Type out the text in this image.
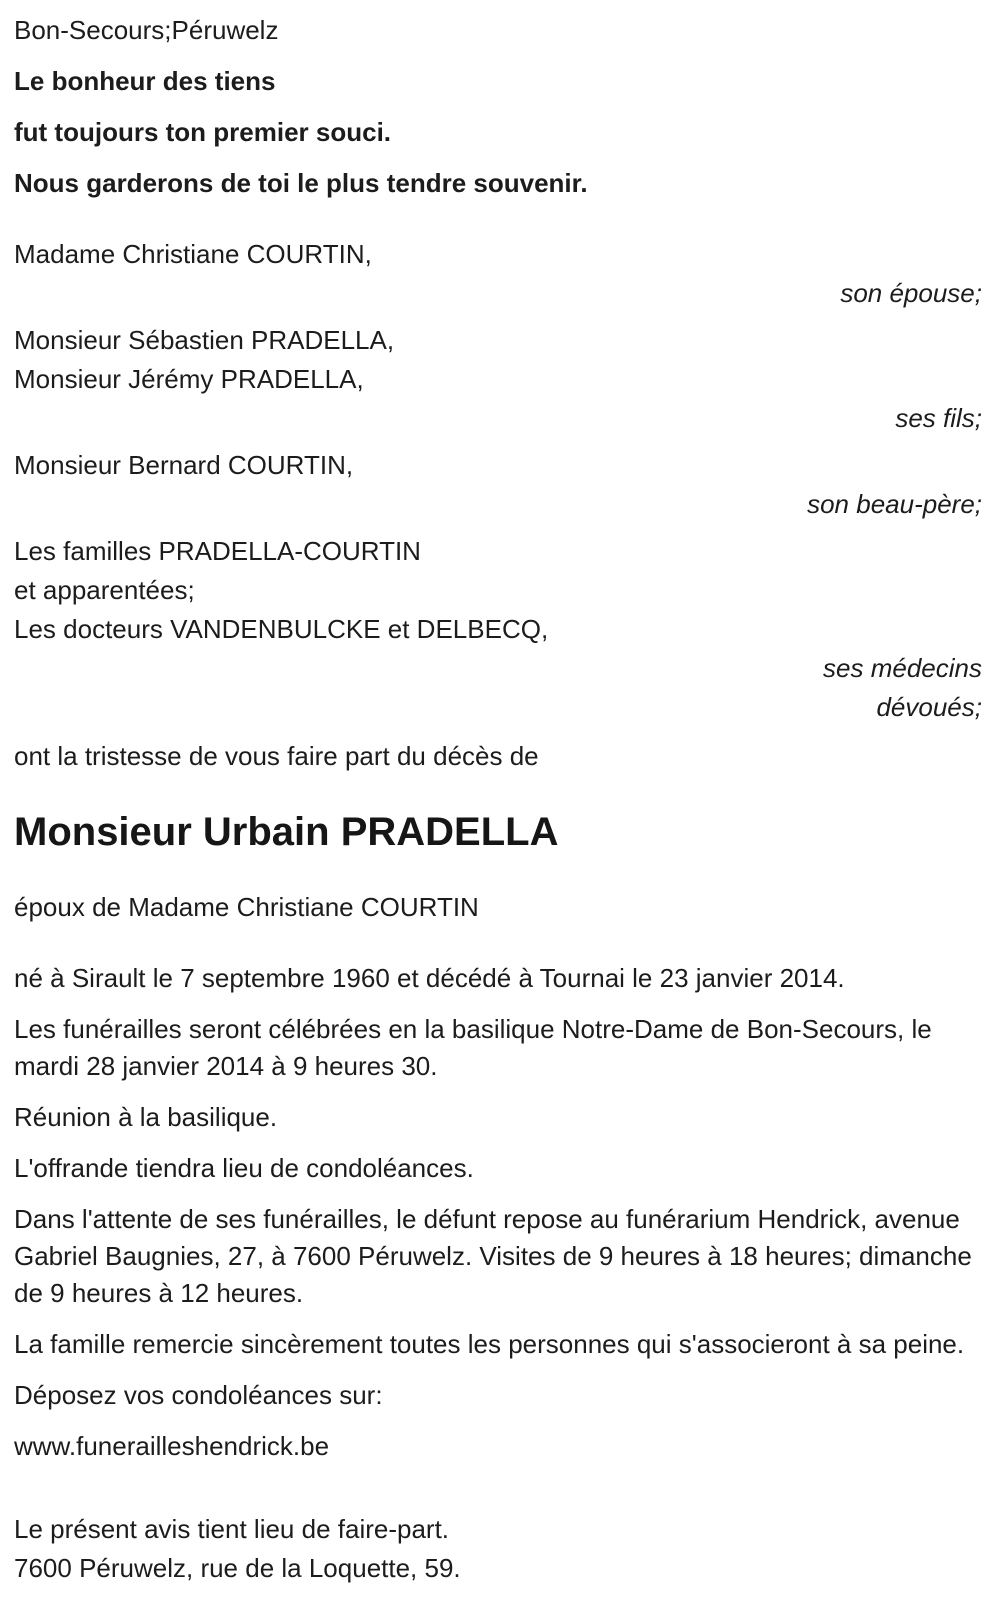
Bon-Secours;Péruwelz

Le bonheur des tiens

fut toujours ton premier souci.

Nous garderons de toi le plus tendre souvenir.

Madame Christiane COURTIN,

son épouse;

Monsieur Sébastien PRADELLA,

Monsieur Jérémy PRADELLA,

ses fils;

Monsieur Bernard COURTIN,

son beau-père;

Les familles PRADELLA-COURTIN

et apparentées;

Les docteurs VANDENBULCKE et DELBECQ,

ses médecins

dévoués;

ont la tristesse de vous faire part du décès de

Monsieur Urbain PRADELLA

époux de Madame Christiane COURTIN

né à Sirault le 7 septembre 1960 et décédé à Tournai le 23 janvier 2014.

Les funérailles seront célébrées en la basilique Notre-Dame de Bon-Secours, le mardi 28 janvier 2014 à 9 heures 30.

Réunion à la basilique.

L'offrande tiendra lieu de condoléances.

Dans l'attente de ses funérailles, le défunt repose au funérarium Hendrick, avenue Gabriel Baugnies, 27, à 7600 Péruwelz. Visites de 9 heures à 18 heures; dimanche de 9 heures à 12 heures.

La famille remercie sincèrement toutes les personnes qui s'associeront à sa peine.

Déposez vos condoléances sur:

www.funerailleshendrick.be

Le présent avis tient lieu de faire-part.

7600 Péruwelz, rue de la Loquette, 59.
